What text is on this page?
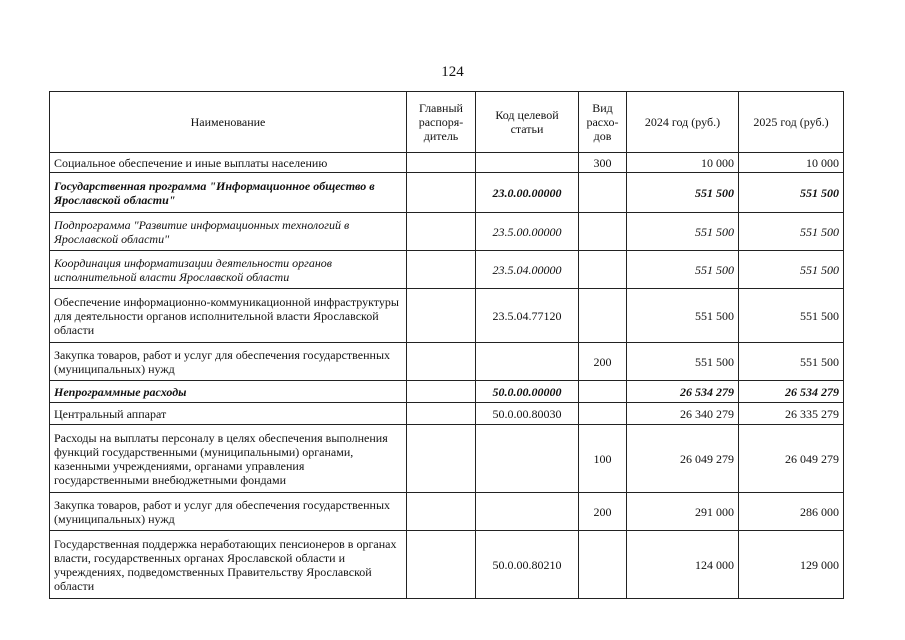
124
Наименование	Главный распоря-дитель	Код целевой статьи	Вид расхо-дов	2024 год (руб.)	2025 год (руб.)
Социальное обеспечение и иные выплаты населению			300	10 000	10 000
Государственная программа "Информационное общество в Ярославской области"		23.0.00.00000		551 500	551 500
Подпрограмма "Развитие информационных технологий в Ярославской области"		23.5.00.00000		551 500	551 500
Координация информатизации деятельности органов исполнительной власти Ярославской области		23.5.04.00000		551 500	551 500
Обеспечение информационно-коммуникационной инфраструктуры для деятельности органов исполнительной власти Ярославской области		23.5.04.77120		551 500	551 500
Закупка товаров, работ и услуг для обеспечения государственных (муниципальных) нужд			200	551 500	551 500
Непрограммные расходы		50.0.00.00000		26 534 279	26 534 279
Центральный аппарат		50.0.00.80030		26 340 279	26 335 279
Расходы на выплаты персоналу в целях обеспечения выполнения функций государственными (муниципальными) органами, казенными учреждениями, органами управления государственными внебюджетными фондами			100	26 049 279	26 049 279
Закупка товаров, работ и услуг для обеспечения государственных (муниципальных) нужд			200	291 000	286 000
Государственная поддержка неработающих пенсионеров в органах власти, государственных органах Ярославской области и учреждениях, подведомственных Правительству Ярославской области		50.0.00.80210		124 000	129 000
